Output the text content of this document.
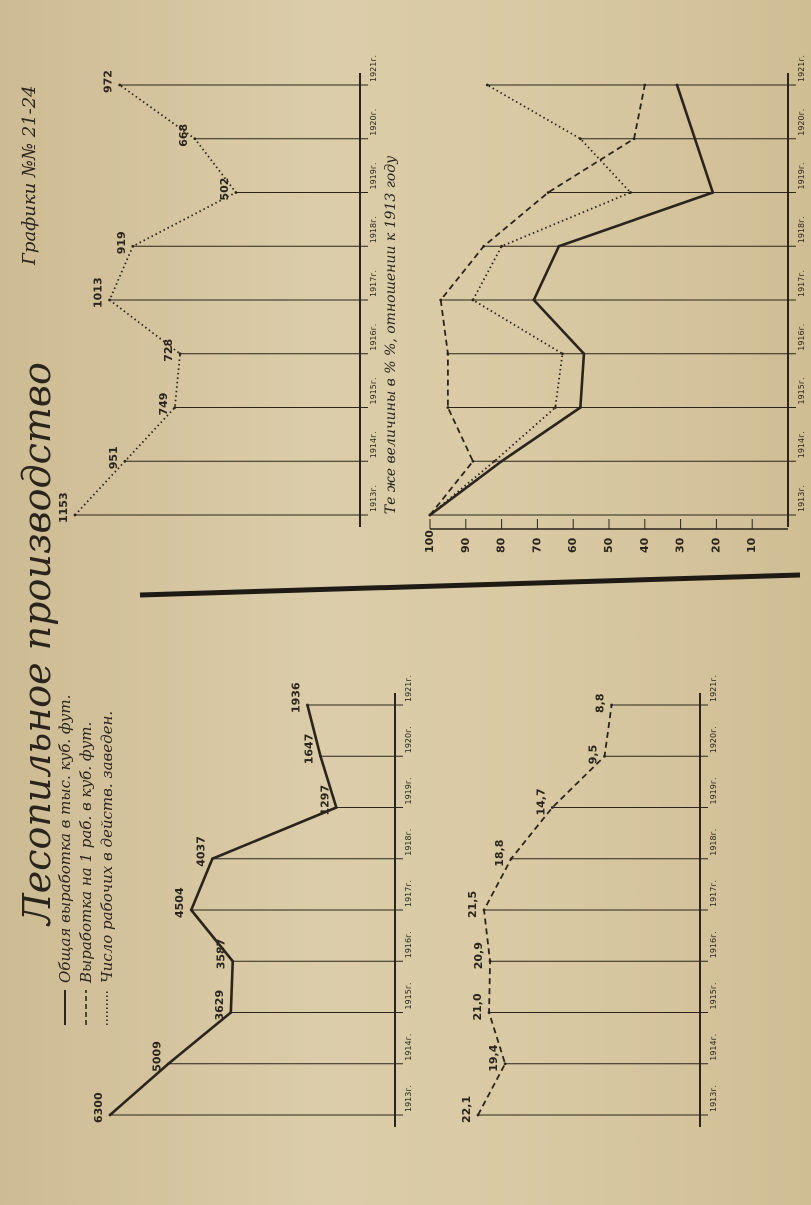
Лесопильное производство
Графики №№ 21-24
Общая выработка в тыс. куб. фут. Выработка на 1 раб. в куб. фут. Число рабочих в действ. заведен.
1913г.
1914г.
1915г.
1916г.
1917г.
1918г.
1919г.
1920г.
1921г.
6300
5009
3629
3587
4504
4037
1297
1647
1936
1913г.
1914г.
1915г.
1916г.
1917г.
1918г.
1919г.
1920г.
1921г.
1153
951
749
728
1013
919
502
668
972
1913г.
1914г.
1915г.
1916г.
1917г.
1918г.
1919г.
1920г.
1921г.
22,1
19,4
21,0
20,9
21,5
18,8
14,7
9,5
8,8
Те же величины в % %, отношении к 1913 году	1913г.
1914г.
1915г.
1916г.
1917г.
1918г.
1919г.
1920г.
1921г.
100 90 80 70 60 50 40 30 20 10
